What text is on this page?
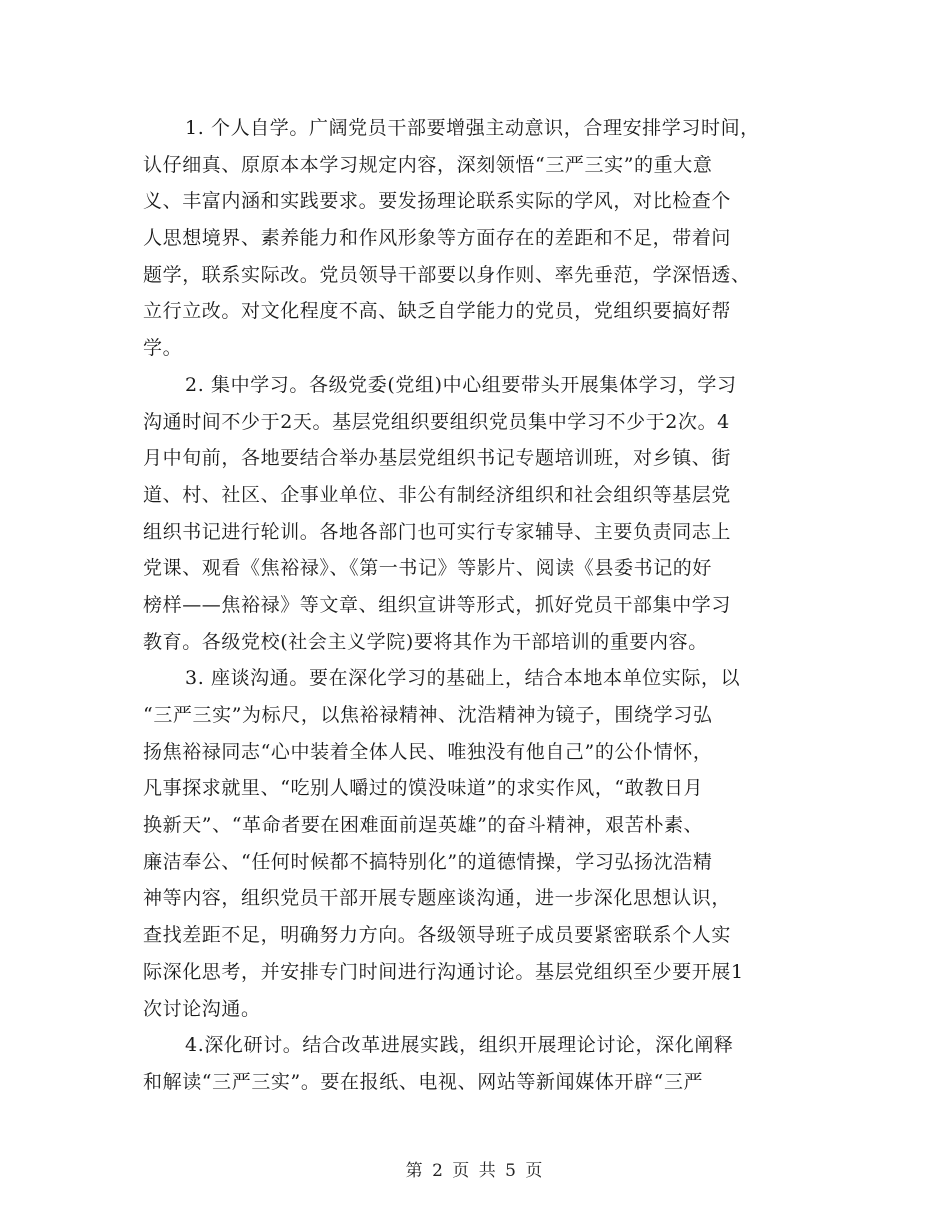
1. 个人自学。广阔党员干部要增强主动意识，合理安排学习时间，
认仔细真、原原本本学习规定内容，深刻领悟“三严三实”的重大意
义、丰富内涵和实践要求。要发扬理论联系实际的学风，对比检查个
人思想境界、素养能力和作风形象等方面存在的差距和不足，带着问
题学，联系实际改。党员领导干部要以身作则、率先垂范，学深悟透、
立行立改。对文化程度不高、缺乏自学能力的党员，党组织要搞好帮
学。
2. 集中学习。各级党委(党组)中心组要带头开展集体学习，学习
沟通时间不少于2天。基层党组织要组织党员集中学习不少于2次。4
月中旬前，各地要结合举办基层党组织书记专题培训班，对乡镇、街
道、村、社区、企事业单位、非公有制经济组织和社会组织等基层党
组织书记进行轮训。各地各部门也可实行专家辅导、主要负责同志上
党课、观看《焦裕禄》、《第一书记》等影片、阅读《县委书记的好
榜样——焦裕禄》等文章、组织宣讲等形式，抓好党员干部集中学习
教育。各级党校(社会主义学院)要将其作为干部培训的重要内容。
3. 座谈沟通。要在深化学习的基础上，结合本地本单位实际，以
“三严三实”为标尺，以焦裕禄精神、沈浩精神为镜子，围绕学习弘
扬焦裕禄同志“心中装着全体人民、唯独没有他自己”的公仆情怀，
凡事探求就里、“吃别人嚼过的馍没味道”的求实作风，“敢教日月
换新天”、“革命者要在困难面前逞英雄”的奋斗精神，艰苦朴素、
廉洁奉公、“任何时候都不搞特别化”的道德情操，学习弘扬沈浩精
神等内容，组织党员干部开展专题座谈沟通，进一步深化思想认识，
查找差距不足，明确努力方向。各级领导班子成员要紧密联系个人实
际深化思考，并安排专门时间进行沟通讨论。基层党组织至少要开展1
次讨论沟通。
4.深化研讨。结合改革进展实践，组织开展理论讨论，深化阐释
和解读“三严三实”。要在报纸、电视、网站等新闻媒体开辟“三严
第 2 页 共 5 页
